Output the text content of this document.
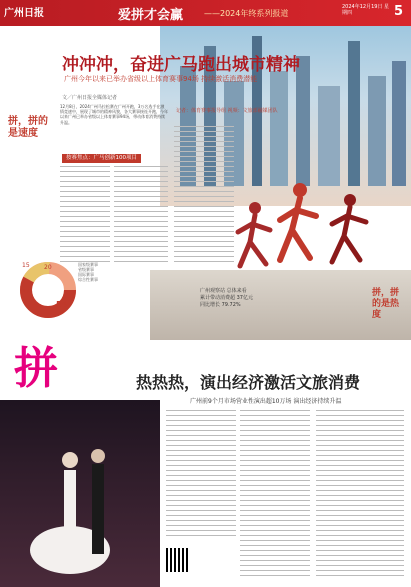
广州日报	爱拼才会赢	——2024年终系列报道
2024年12月19日 星期四	5
冲冲冲，奋进广马跑出城市精神
广州今年以来已举办省级以上体育赛事94场 持续激活消费潜能
文／广州日报全媒体记者
拼，拼的是速度
12月8日，2024广州马拉松赛在广州开跑，3万名选手在激情竞速中，展现了城市的精神风貌，各大赛事接连开跑，今年以来广州已举办省级以上体育赛事94场，带动体育消费持续升温。
按赛焦点：广马创新100项目
记者：体育赛事报导组 视频：文旅部融媒团队
15
17
20
54
国家级赛事
省级赛事
国际赛事
综合性赛事
广州观察站 总体来看
累计带动消费超 37亿元
同比增长 79.72%
拼，拼的是热度
拼	热热热，演出经济激活文旅消费
广州前9个月市场营业性演出超10万场 演出经济持续升温
